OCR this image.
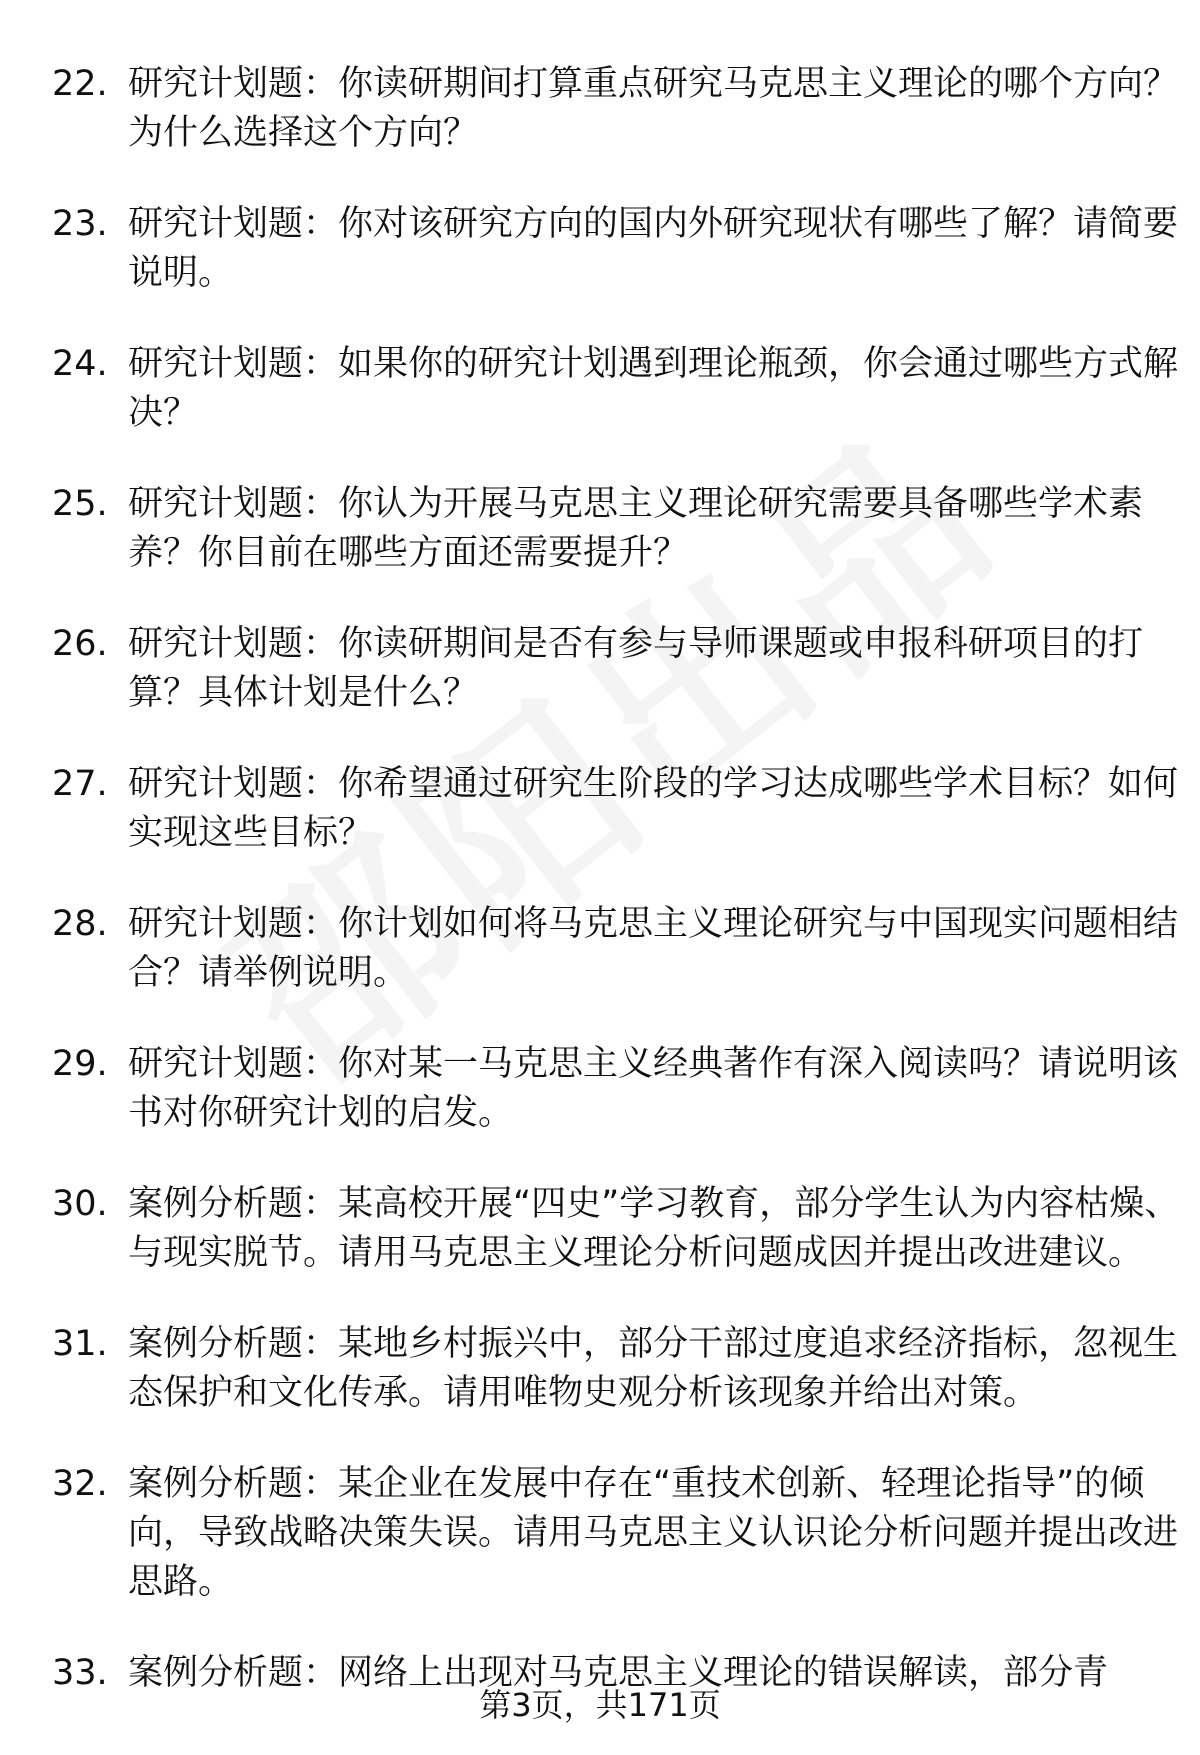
22. 研究计划题：你读研期间打算重点研究马克思主义理论的哪个方向？为什么选择这个方向？
23. 研究计划题：你对该研究方向的国内外研究现状有哪些了解？请简要说明。
24. 研究计划题：如果你的研究计划遇到理论瓶颈，你会通过哪些方式解决？
25. 研究计划题：你认为开展马克思主义理论研究需要具备哪些学术素养？你目前在哪些方面还需要提升？
26. 研究计划题：你读研期间是否有参与导师课题或申报科研项目的打算？具体计划是什么？
27. 研究计划题：你希望通过研究生阶段的学习达成哪些学术目标？如何实现这些目标？
28. 研究计划题：你计划如何将马克思主义理论研究与中国现实问题相结合？请举例说明。
29. 研究计划题：你对某一马克思主义经典著作有深入阅读吗？请说明该书对你研究计划的启发。
30. 案例分析题：某高校开展“四史”学习教育，部分学生认为内容枯燥、与现实脱节。请用马克思主义理论分析问题成因并提出改进建议。
31. 案例分析题：某地乡村振兴中，部分干部过度追求经济指标，忽视生态保护和文化传承。请用唯物史观分析该现象并给出对策。
32. 案例分析题：某企业在发展中存在“重技术创新、轻理论指导”的倾向，导致战略决策失误。请用马克思主义认识论分析问题并提出改进思路。
33. 案例分析题：网络上出现对马克思主义理论的错误解读，部分青
第3页，共171页
